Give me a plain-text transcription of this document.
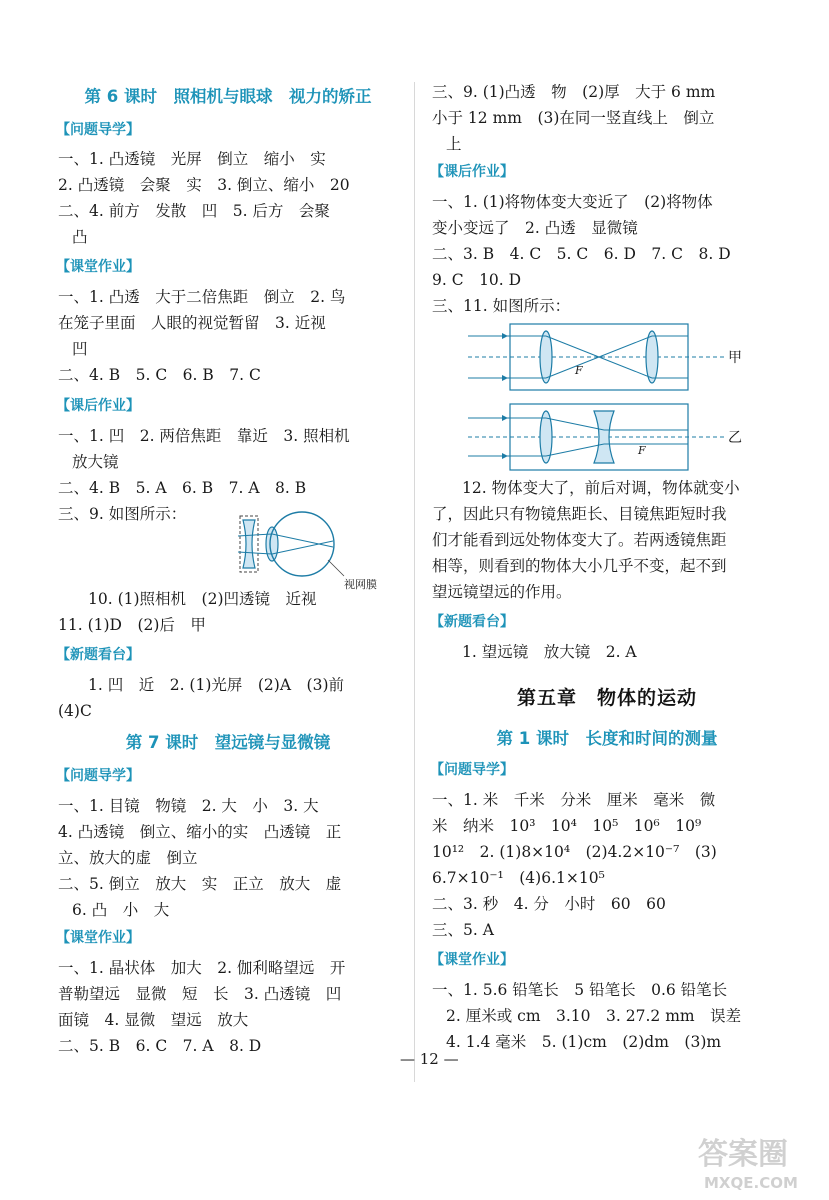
第 6 课时　照相机与眼球　视力的矫正
【问题导学】
一、1. 凸透镜　光屏　倒立　缩小　实
2. 凸透镜　会聚　实　3. 倒立、缩小　20
二、4. 前方　发散　凹　5. 后方　会聚
凸
【课堂作业】
一、1. 凸透　大于二倍焦距　倒立　2. 鸟
在笼子里面　人眼的视觉暂留　3. 近视
凹
二、4. B　5. C　6. B　7. C
【课后作业】
一、1. 凹　2. 两倍焦距　靠近　3. 照相机
放大镜
二、4. B　5. A　6. B　7. A　8. B
三、9. 如图所示：
视网膜
10. (1)照相机　(2)凹透镜　近视
11. (1)D　(2)后　甲
【新题看台】
1. 凹　近　2. (1)光屏　(2)A　(3)前
(4)C
第 7 课时　望远镜与显微镜
【问题导学】
一、1. 目镜　物镜　2. 大　小　3. 大
4. 凸透镜　倒立、缩小的实　凸透镜　正
立、放大的虚　倒立
二、5. 倒立　放大　实　正立　放大　虚
6. 凸　小　大
【课堂作业】
一、1. 晶状体　加大　2. 伽利略望远　开
普勒望远　显微　短　长　3. 凸透镜　凹
面镜　4. 显微　望远　放大
二、5. B　6. C　7. A　8. D
三、9. (1)凸透　物　(2)厚　大于 6 mm
小于 12 mm　(3)在同一竖直线上　倒立
上
【课后作业】
一、1. (1)将物体变大变近了　(2)将物体
变小变远了　2. 凸透　显微镜
二、3. B　4. C　5. C　6. D　7. C　8. D
9. C　10. D
三、11. 如图所示：
F
甲
F
乙
12. 物体变大了，前后对调，物体就变小
了，因此只有物镜焦距长、目镜焦距短时我
们才能看到远处物体变大了。若两透镜焦距
相等，则看到的物体大小几乎不变，起不到
望远镜望远的作用。
【新题看台】
1. 望远镜　放大镜　2. A
第五章　物体的运动
第 1 课时　长度和时间的测量
【问题导学】
一、1. 米　千米　分米　厘米　毫米　微
米　纳米　10³　10⁴　10⁵　10⁶　10⁹
10¹²　2. (1)8×10⁴　(2)4.2×10⁻⁷　(3)
6.7×10⁻¹　(4)6.1×10⁵
二、3. 秒　4. 分　小时　60　60
三、5. A
【课堂作业】
一、1. 5.6 铅笔长　5 铅笔长　0.6 铅笔长
2. 厘米或 cm　3.10　3. 27.2 mm　误差
4. 1.4 毫米　5. (1)cm　(2)dm　(3)m
— 12 —
答案圈
MXQE.COM
